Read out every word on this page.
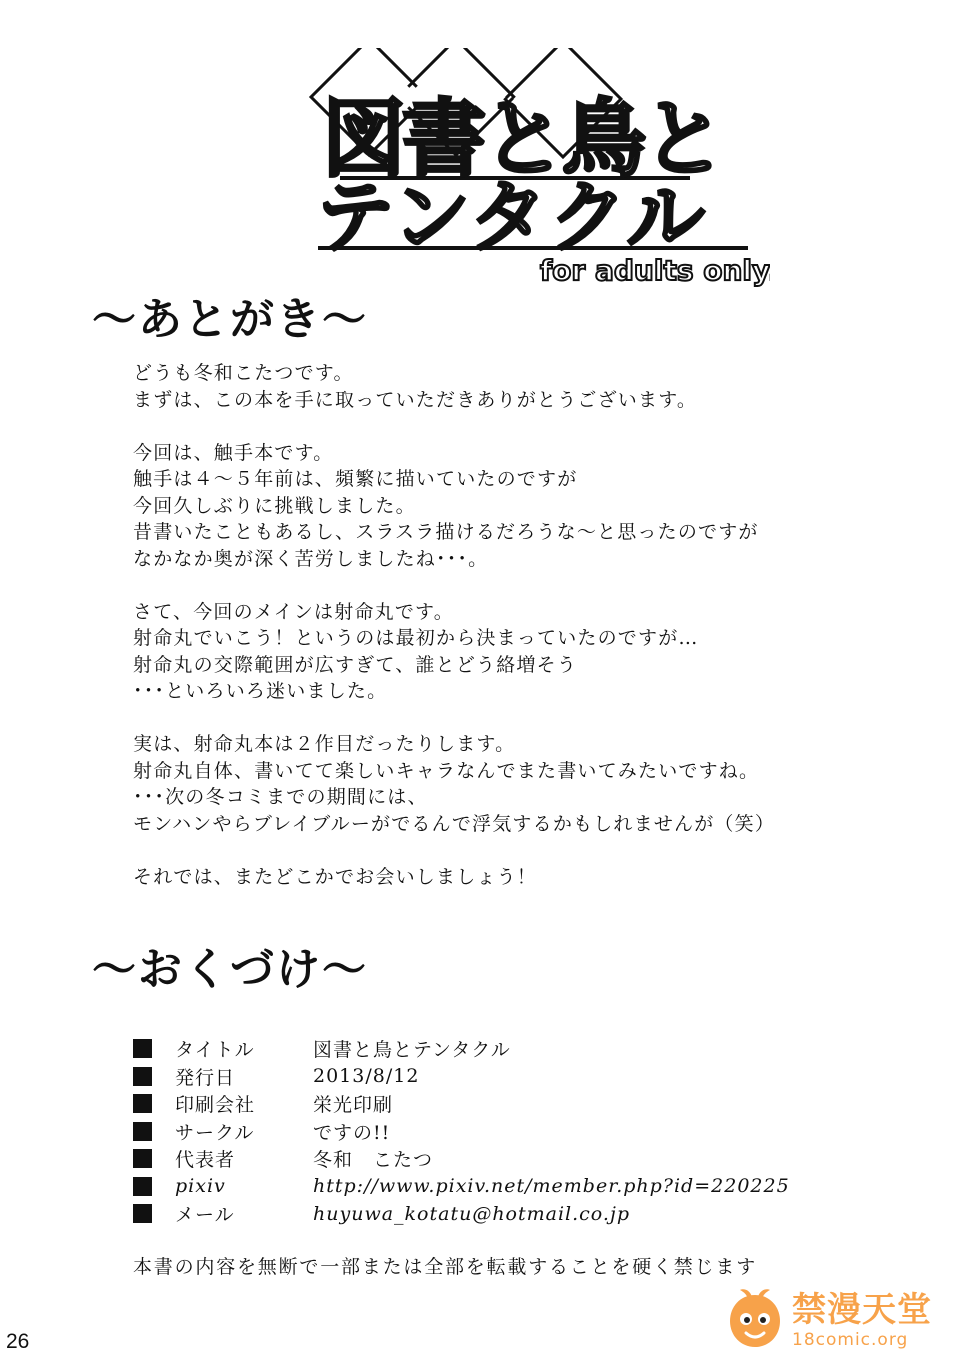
図書と鳥と
テンタクル
for adults only.
～あとがき～
どうも冬和こたつです。
まずは、この本を手に取っていただきありがとうございます。
今回は、触手本です。
触手は４～５年前は、頻繁に描いていたのですが
今回久しぶりに挑戦しました。
昔書いたこともあるし、スラスラ描けるだろうな～と思ったのですが
なかなか奥が深く苦労しましたね･･･。
さて、今回のメインは射命丸です。
射命丸でいこう！というのは最初から決まっていたのですが…
射命丸の交際範囲が広すぎて、誰とどう絡増そう
･･･といろいろ迷いました。
実は、射命丸本は２作目だったりします。
射命丸自体、書いてて楽しいキャラなんでまた書いてみたいですね。
･･･次の冬コミまでの期間には、
モンハンやらブレイブルーがでるんで浮気するかもしれませんが（笑）
それでは、またどこかでお会いしましょう！
～おくづけ～
タイトル	図書と鳥とテンタクル
発行日	2013/8/12
印刷会社	栄光印刷
サークル	ですの!!
代表者	冬和　こたつ
pixiv	http://www.pixiv.net/member.php?id=220225
メール	huyuwa_kotatu@hotmail.co.jp
本書の内容を無断で一部または全部を転載することを硬く禁じます
26
禁漫天堂
18comic.org
